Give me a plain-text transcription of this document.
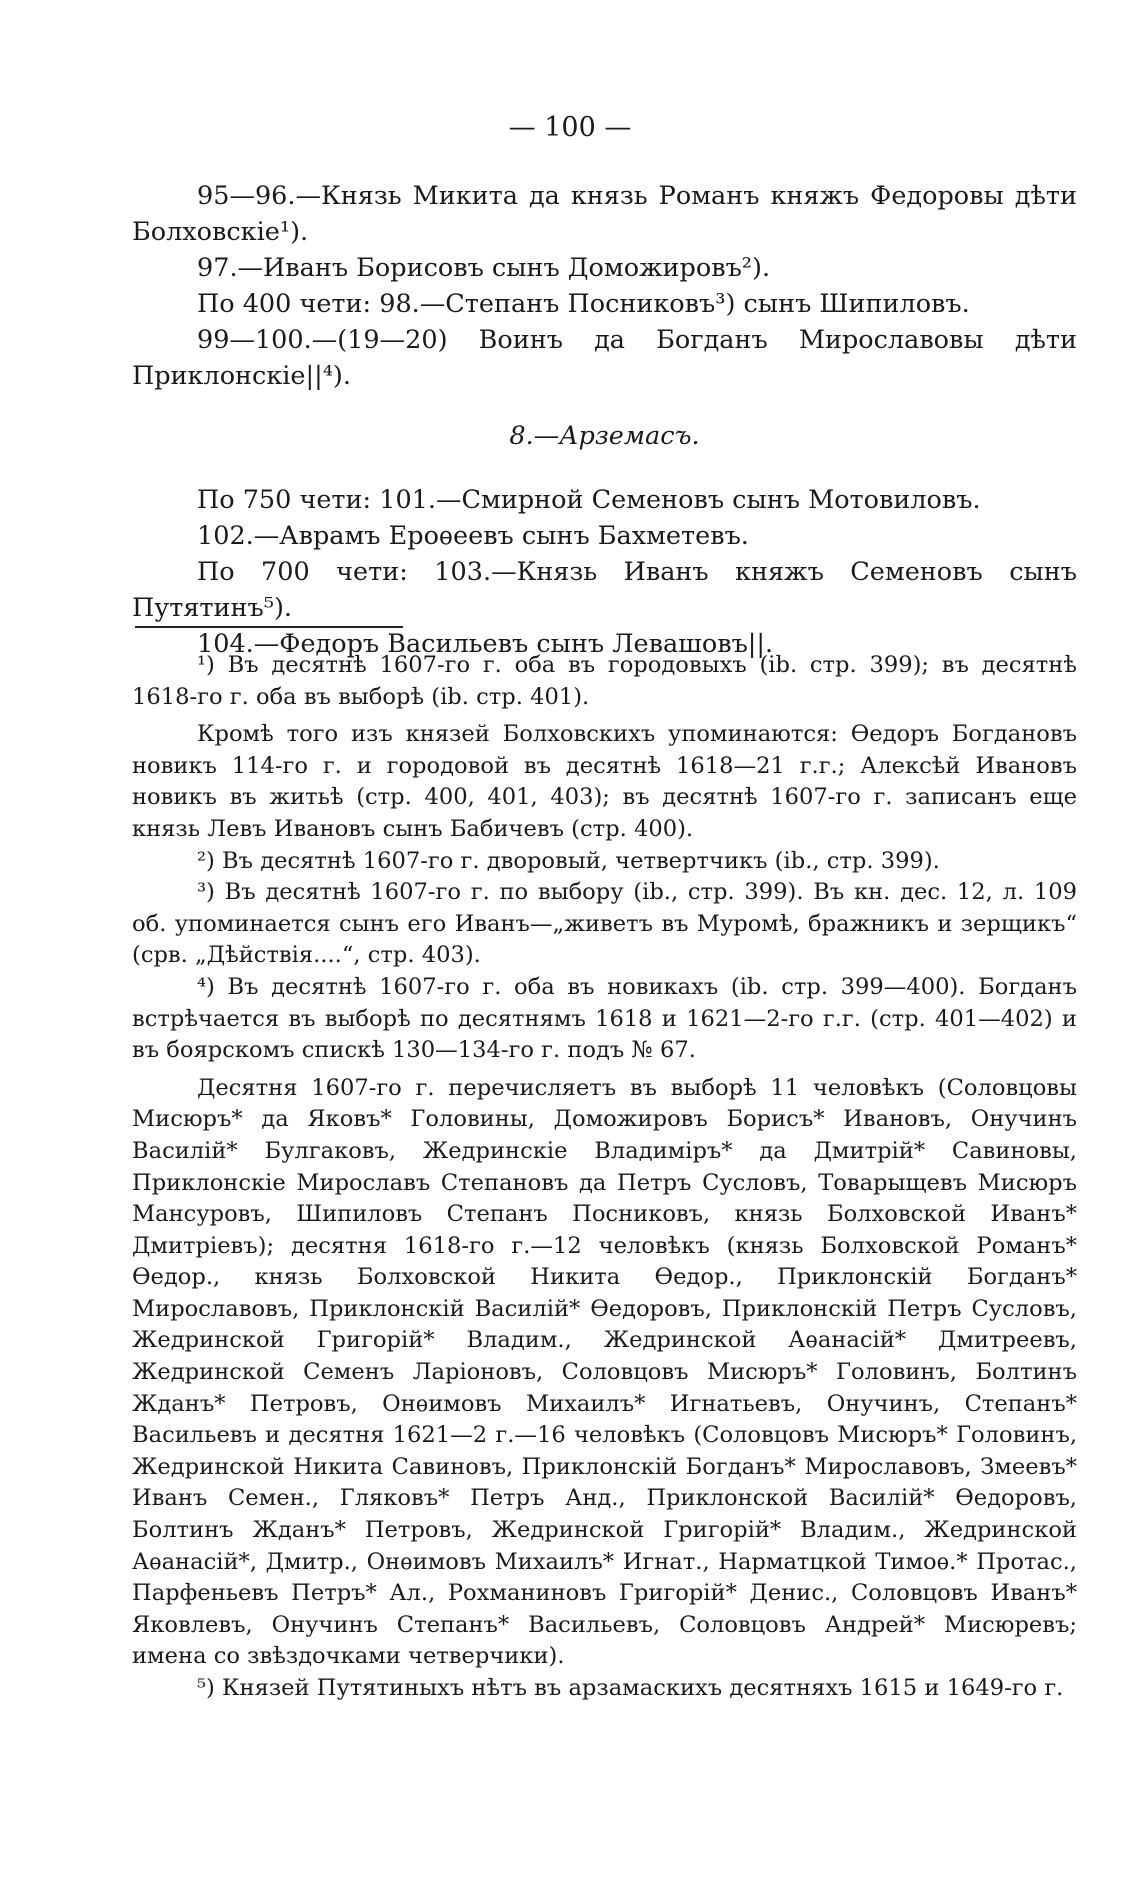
— 100 —

95—96.—Князь Микита да князь Романъ княжъ Федоровы дѣти Болховскіе¹).

97.—Иванъ Борисовъ сынъ Доможировъ²).

По 400 чети: 98.—Степанъ Посниковъ³) сынъ Шипиловъ.

99—100.—(19—20) Воинъ да Богданъ Мирославовы дѣти Приклонскіе||⁴).

8.—Арземасъ.

По 750 чети: 101.—Смирной Семеновъ сынъ Мотовиловъ.

102.—Аврамъ Ероѳеевъ сынъ Бахметевъ.

По 700 чети: 103.—Князь Иванъ княжъ Семеновъ сынъ Путятинъ⁵).

104.—Федоръ Васильевъ сынъ Левашовъ||.

¹) Въ десятнѣ 1607-го г. оба въ городовыхъ (ib. стр. 399); въ десятнѣ 1618-го г. оба въ выборѣ (ib. стр. 401).

Кромѣ того изъ князей Болховскихъ упоминаются: Ѳедоръ Богдановъ новикъ 114-го г. и городовой въ десятнѣ 1618—21 г.г.; Алексѣй Ивановъ новикъ въ житьѣ (стр. 400, 401, 403); въ десятнѣ 1607-го г. записанъ еще князь Левъ Ивановъ сынъ Бабичевъ (стр. 400).

²) Въ десятнѣ 1607-го г. дворовый, четвертчикъ (ib., стр. 399).

³) Въ десятнѣ 1607-го г. по выбору (ib., стр. 399). Въ кн. дес. 12, л. 109 об. упоминается сынъ его Иванъ—„живетъ въ Муромѣ, бражникъ и зерщикъ“ (срв. „Дѣйствія....“, стр. 403).

⁴) Въ десятнѣ 1607-го г. оба въ новикахъ (ib. стр. 399—400). Богданъ встрѣчается въ выборѣ по десятнямъ 1618 и 1621—2-го г.г. (стр. 401—402) и въ боярскомъ спискѣ 130—134-го г. подъ № 67.

Десятня 1607-го г. перечисляетъ въ выборѣ 11 человѣкъ (Соловцовы Мисюръ* да Яковъ* Головины, Доможировъ Борисъ* Ивановъ, Онучинъ Василій* Булгаковъ, Жедринскіе Владиміръ* да Дмитрій* Савиновы, Приклонскіе Мирославъ Степановъ да Петръ Сусловъ, Товарыщевъ Мисюръ Мансуровъ, Шипиловъ Степанъ Посниковъ, князь Болховской Иванъ* Дмитріевъ); десятня 1618-го г.—12 человѣкъ (князь Болховской Романъ* Ѳедор., князь Болховской Никита Ѳедор., Приклонскій Богданъ* Мирославовъ, Приклонскій Василій* Ѳедоровъ, Приклонскій Петръ Сусловъ, Жедринской Григорій* Владим., Жедринской Аѳанасій* Дмитреевъ, Жедринской Семенъ Ларіоновъ, Соловцовъ Мисюръ* Головинъ, Болтинъ Жданъ* Петровъ, Онѳимовъ Михаилъ* Игнатьевъ, Онучинъ, Степанъ* Васильевъ и десятня 1621—2 г.—16 человѣкъ (Соловцовъ Мисюръ* Головинъ, Жедринской Никита Савиновъ, Приклонскій Богданъ* Мирославовъ, Змеевъ* Иванъ Семен., Гляковъ* Петръ Анд., Приклонской Василій* Ѳедоровъ, Болтинъ Жданъ* Петровъ, Жедринской Григорій* Владим., Жедринской Аѳанасій*, Дмитр., Онѳимовъ Михаилъ* Игнат., Нарматцкой Тимоѳ.* Протас., Парфеньевъ Петръ* Ал., Рохманиновъ Григорій* Денис., Соловцовъ Иванъ* Яковлевъ, Онучинъ Степанъ* Васильевъ, Соловцовъ Андрей* Мисюревъ; имена со звѣздочками четверчики).

⁵) Князей Путятиныхъ нѣтъ въ арзамаскихъ десятняхъ 1615 и 1649-го г.
